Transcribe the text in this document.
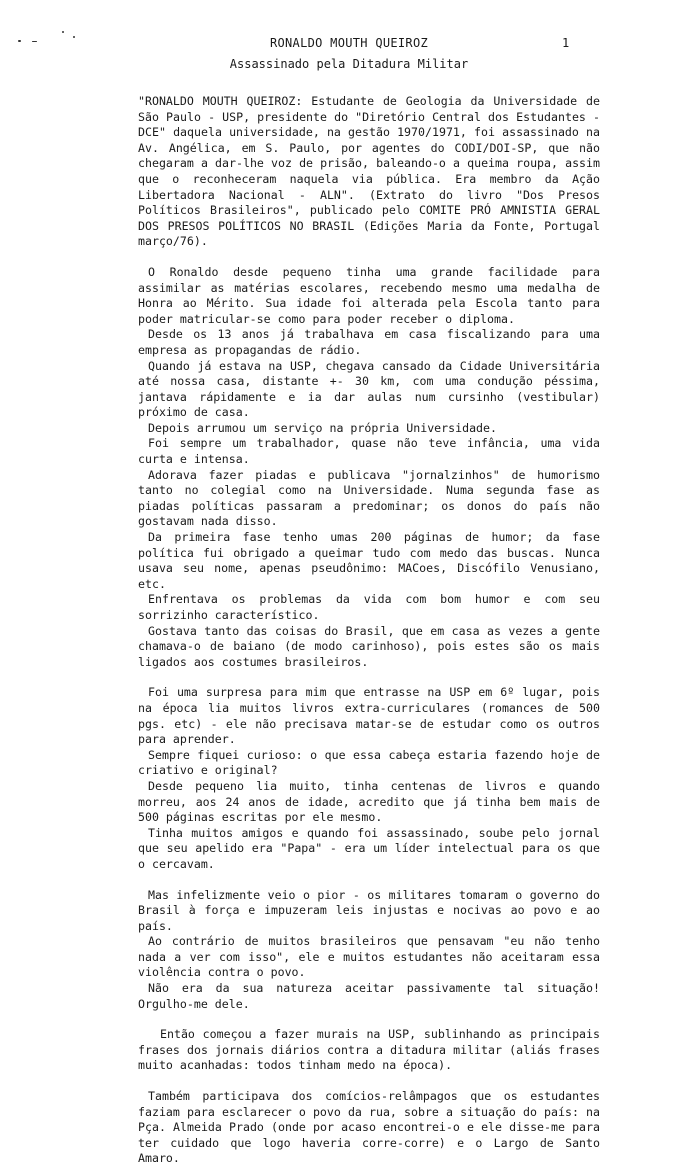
RONALDO MOUTH QUEIROZ	1
Assassinado pela Ditadura Militar

"RONALDO MOUTH QUEIROZ: Estudante de Geologia da Universidade de São Paulo - USP, presidente do "Diretório Central dos Estudantes - DCE" daquela universidade, na gestão 1970/1971, foi assassinado na Av. Angélica, em S. Paulo, por agentes do CODI/DOI-SP, que não chegaram a dar-lhe voz de prisão, baleando-o a queima roupa, assim que o reconheceram naquela via pública. Era membro da Ação Libertadora Nacional - ALN". (Extrato do livro "Dos Presos Políticos Brasileiros", publicado pelo COMITE PRÓ AMNISTIA GERAL DOS PRESOS POLÍTICOS NO BRASIL (Edições Maria da Fonte, Portugal março/76).

O Ronaldo desde pequeno tinha uma grande facilidade para assimilar as matérias escolares, recebendo mesmo uma medalha de Honra ao Mérito. Sua idade foi alterada pela Escola tanto para poder matricular-se como para poder receber o diploma.

Desde os 13 anos já trabalhava em casa fiscalizando para uma empresa as propagandas de rádio.

Quando já estava na USP, chegava cansado da Cidade Universitária até nossa casa, distante +- 30 km, com uma condução péssima, jantava rápidamente e ia dar aulas num cursinho (vestibular) próximo de casa.

Depois arrumou um serviço na própria Universidade.

Foi sempre um trabalhador, quase não teve infância, uma vida curta e intensa.

Adorava fazer piadas e publicava "jornalzinhos" de humorismo tanto no colegial como na Universidade. Numa segunda fase as piadas políticas passaram a predominar; os donos do país não gostavam nada disso.

Da primeira fase tenho umas 200 páginas de humor; da fase política fui obrigado a queimar tudo com medo das buscas. Nunca usava seu nome, apenas pseudônimo: MACoes, Discófilo Venusiano, etc.

Enfrentava os problemas da vida com bom humor e com seu sorrizinho característico.

Gostava tanto das coisas do Brasil, que em casa as vezes a gente chamava-o de baiano (de modo carinhoso), pois estes são os mais ligados aos costumes brasileiros.

Foi uma surpresa para mim que entrasse na USP em 6º lugar, pois na época lia muitos livros extra-curriculares (romances de 500 pgs. etc) - ele não precisava matar-se de estudar como os outros para aprender.

Sempre fiquei curioso: o que essa cabeça estaria fazendo hoje de criativo e original?

Desde pequeno lia muito, tinha centenas de livros e quando morreu, aos 24 anos de idade, acredito que já tinha bem mais de 500 páginas escritas por ele mesmo.

Tinha muitos amigos e quando foi assassinado, soube pelo jornal que seu apelido era "Papa" - era um líder intelectual para os que o cercavam.

Mas infelizmente veio o pior - os militares tomaram o governo do Brasil à força e impuzeram leis injustas e nocivas ao povo e ao país.

Ao contrário de muitos brasileiros que pensavam "eu não tenho nada a ver com isso", ele e muitos estudantes não aceitaram essa violência contra o povo.

Não era da sua natureza aceitar passivamente tal situação! Orgulho-me dele.

Então começou a fazer murais na USP, sublinhando as principais frases dos jornais diários contra a ditadura militar (aliás frases muito acanhadas: todos tinham medo na época).

Também participava dos comícios-relâmpagos que os estudantes faziam para esclarecer o povo da rua, sobre a situação do país: na Pça. Almeida Prado (onde por acaso encontrei-o e ele disse-me para ter cuidado que logo haveria corre-corre) e o Largo de Santo Amaro.
